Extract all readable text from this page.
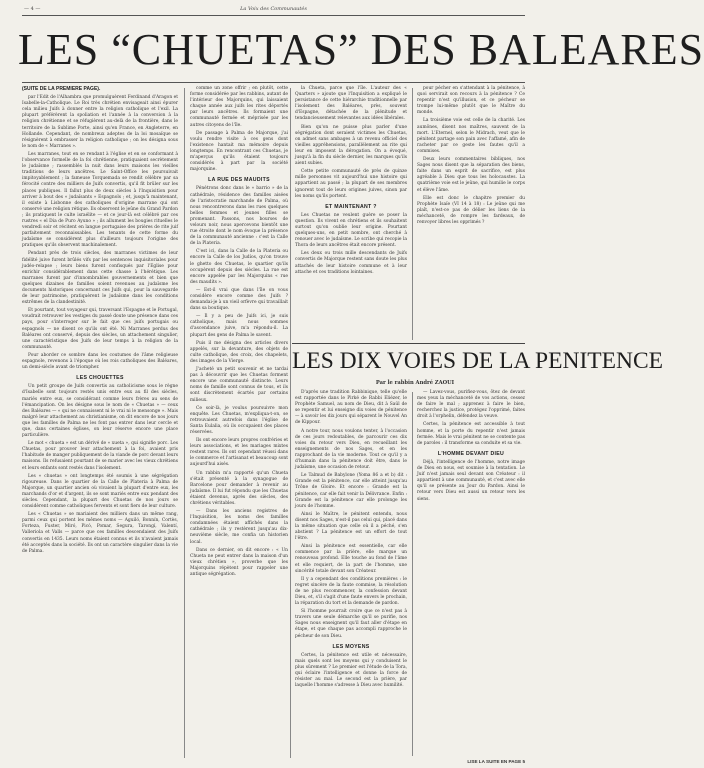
— 4 —	La Voix des Communautés
LES “CHUETAS” DES BALEARES
(SUITE DE LA PREMIERE PAGE).

par l'Edit de l'Alhambra que promulguèrent Ferdinand d'Aragon et Isabelle-la-Catholique. Le Roi très chrétien envisageait ainsi épurer cela milieu Juifs à donner entre la religion catholique et l'exil. La plupart préférèrent la spoliation et l'année à la conversion à la religion chrétienne et se réfugièrent au-delà de la frontière, dans le territoire de la Sublime Porte, ainsi qu'en France, en Angleterre, en Hollande. Cependant, de nombreux adeptes de la loi mosaïque se résignèrent à embrasser la religion catholique ; on les désigna sous le nom de « Marranes ».

Les marranes, tout en se rendant à l'église et en se conformant à l'observance formelle de la foi chrétienne, pratiquaient secrètement le judaïsme ; rassemblés la nuit dans leurs maisons les vieilles traditions de leurs ancêtres. Le Saint-Office les poursuivait impitoyablement ; la fameuse Torquemada se rendit célèbre par sa férocité contre des milliers de Juifs convertis, qu'il fit brûler sur les places publiques. Il fallut plus de deux siècles à l'Inquisition pour arriver à bout des « judaïsants » Espagnols ; et, jusqu'à maintenant, il existe à Lisbonne des catholiques d'origine marrane qui ont conservé une religion rétique. Ils observent le jeûne du Grand Pardon ; ils pratiquent le culte israélite — et ce jour-là est célébré par ces rustres « el Dia de Puro Ayuno » ; ils allument les bougies rituelles le vendredi soir et récitent en langue portugaise des prières de rite juif parfaitement reconnaissables. Les tenants de cette forme du judaïsme se considèrent plus d'ailleurs toujours l'origine des pratiques qu'ils observent machinalement.

Pendant près de trois siècles, des marranes victimes de leur fidélité juive furent brûlés vifs par les sentences inquisitoriales pour judéo-relapse ; leurs biens furent confisqués par l'Eglise pour enrichir considérablement dans cette chasse à l'hérétique. Les marranes furent par d'innombrables gouvernements et bien que quelques dizaines de familles soient revenues au judaïsme les documents historiques concernant ces Juifs qui, pour la sauvegarde de leur patrimoine, pratiquèrent le judaïsme dans les conditions extrêmes de la clandestinité.

Et pourtant, tout voyageur qui, traversant l'Espagne et le Portugal, voudrait retrouver les vestiges du passé doute une présence dans ces pays, pour s'interroger sur le fait que ces juifs portugais ou espagnols — ne disent ce qu'ils ont été. Ni Marranes perdus des Baléares ont conservé, depuis des siècles, un attachement singulier, une caractéristique des Juifs de leur temps à la religion de la communauté.

Pour aborder ce sombre dans les coutumes de l'âme religieuse espagnole, revenons à l'époque où les rois catholiques des Baléares, un demi-siècle avant de triompher.

LES CHOUETTES

Un petit groupe de Juifs convertis au catholicisme sous le règne d'Isabelle sont toujours restés unis entre eux au fil des siècles, mariés entre eux, se considérant comme leurs frères au sens de l'émancipation. On les désigne sous le nom de « Chuetas » — ceux des Baléares — « qui ne connaissent ni le vrai ni le mensonge ». Mais malgré leur attachement au christianisme, on dit encore de nos jours que les familles de Palma ne les font pas entrer dans leur cercle et que, dans certaines églises, on leur réserve encore une place particulière.

Le mot « chueta » est un dérivé de « xueta », qui signifie porc. Les Chuetas, pour prouver leur attachement à la foi, avaient pris l'habitude de manger publiquement de la viande de porc devant leurs maisons. Ils refusaient pourtant de se marier avec les vieux chrétiens et leurs enfants sont restés dans l'isolement.

Les « chuetas » ont longtemps été soumis à une ségrégation rigoureuse. Dans le quartier de la Calle de Plateria à Palma de Majorque, un quartier ancien où vivaient la plupart d'entre eux, les marchands d'or et d'argent, ils se sont mariés entre eux pendant des siècles. Cependant, la plupart des Chuetas de nos jours se considèrent comme catholiques fervents et sont fiers de leur culture.

Les « Chuetas » se mariaient des milliers dans un même rang, parmi ceux qui portent les mêmes noms — Aguiló, Bonnín, Cortès, Forteza, Fuster, Miró, Picó, Pomar, Segura, Tarongí, Valentí, Valleriola et Valls — parce que ces familles descendaient des Juifs convertis en 1435. Leurs noms étaient connus et ils n'avaient jamais été acceptés dans la société. Ils ont un caractère singulier dans la vie de Palma.

comme un zone offrir ; en plutôt, cette forme considérée par les rabbins, autant de l'intérieur des Majorquins, qui laissaient chaque année aux juifs les rites déportés par leurs ancêtres. Ils formaient une communauté fermée et méprisée par les autres citoyens de l'île.

De passage à Palma de Majorque, j'ai voulu rendre visite à ces gens dont l'existence hantait ma mémoire depuis longtemps. En rencontrant ces Chuetas, je m'aperçus qu'ils étaient toujours considérés à part par la société majorquine.

LA RUE DES MAUDITS

Pénétrons donc dans le « barrio » de la cathédrale, résidence des familles aisées de l'aristocratie marchande de Palma, où nous rencontrerons dans les rues quelques belles femmes et jeunes filles se promenant. Passons, nos bourses de velours noir, nous apercevons bientôt une rue étroite dont le nom évoque la présence de la communauté ancienne : c'est la Calle de la Plateria.

C'est ici, dans la Calle de la Plateria ou encore la Calle de los Judíos, qu'on trouve le ghetto des Chuetas, le quartier qu'ils occupèrent depuis des siècles. La rue est encore appelée par les Majorquins « rue des maudits ».

— Est-il vrai que dans l'île on vous considère encore comme des Juifs ? demandai-je à un vieil orfèvre qui travaillait dans sa boutique.

— Il y a peu de Juifs ici, je suis catholique, mais nous sommes d'ascendance juive, m'a répondu-il. La plupart des gens de Palma le savent.

Puis il me désigna des articles divers appelés, sur la devanture, des objets de culte catholique, des croix, des chapelets, des images de la Vierge.

J'acheté un petit souvenir et ne tardai pas à découvrir que les Chuetas forment encore une communauté distincte. Leurs noms de famille sont connus de tous, et ils sont discrètement écartés par certains milieux.

Ce soir-là, je voulus poursuivre mon enquête. Les Chuetas, m'expliqua-t-on, se retrouvaient autrefois dans l'église de Santa Eulalia, où ils occupaient des places réservées.

Ils ont encore leurs propres confréries et leurs associations, et les mariages mixtes restent rares. Ils ont cependant réussi dans le commerce et l'artisanat et beaucoup sont aujourd'hui aisés.

Un rabbin m'a rapporté qu'un Chueta s'était présenté à la synagogue de Barcelone pour demander à revenir au judaïsme. Il lui fut répondu que les Chuetas étaient devenus, après des siècles, des chrétiens véritables.

— Dans les anciens registres de l'Inquisition, les noms des familles condamnées étaient affichés dans la cathédrale ; ils y restèrent jusqu'au dix-neuvième siècle, me confia un historien local.

Dans ce dernier, on dit encore : « Un Chueta ne peut entrer dans la maison d'un vieux chrétien », proverbe que les Majorquins répètent pour rappeler une antique ségrégation.

la Chueta, parce que l'île. L'auteur des « Quarters » ajoute que l'Inquisition a expliqué le persistance de cette hiérarchie traditionnelle par l'isolement des Baléares, près, souvent d'Espagne, détachée de la plénitude et tendancieusement relevantes aux idées libérales.

Bien qu'on ne puisse plus parler d'une ségrégation dont seraient victimes les Chuetas, on admet sans ambages à un revenu officiel des vieilles appréhensions, parallèlement au rite qui leur en imposent la dérogation. On a évoqué, jusqu'à la fin du siècle dernier, les marques qu'ils aient subies.

Cette petite communauté de près de quinze mille personnes vit aujourd'hui une histoire qui appartient au passé ; la plupart de ses membres ignorent tout de leurs origines juives, sinon par les noms qu'ils portent.

ET MAINTENANT ?

Les Chuetas ne veulent guère se poser la question. Ils vivent en chrétiens et ils souhaitent surtout qu'on oublie leur origine. Pourtant quelques-uns, en petit nombre, ont cherché à renouer avec le judaïsme. Le scribe qui recopie la Thora de leurs ancêtres était encore présent.

Les deux ou trois mille descendants de Juifs convertis de Majorque restent sans doute les plus attachés de leur histoire commune et à leur attache et ces traditions lointaines.

pour pécher en s'attendant à la pénitence, à quoi servirait son recours à la pénitence ? Ce repentir n'est qu'illusion, et ce pécheur se trompe lui-même plutôt que le Maître du monde.

La troisième voie est celle de la charité. Les aumônes, disent nos maîtres, sauvent de la mort. L'Eternel, selon le Midrach, veut que le pénitent partage son pain avec l'affamé, afin de racheter par ce geste les fautes qu'il a commises.

Deux leurs commentaires bibliques, nos Sages nous disent que la séparation des biens, faite dans un esprit de sacrifice, est plus agréable à Dieu que tous les holocaustes. La quatrième voie est le jeûne, qui humilie le corps et élève l'âme.

Elle est donc le chapitre premier du Prophète Isaïe (VI 14 à 18) : Le jeûne qui me plaît, n'est-ce pas de délier les liens de la méchanceté, de rompre les fardeaux, de renvoyer libres les opprimés ?

LES DIX VOIES DE LA PENITENCE
Par le rabbin André ZAOUI

D'après une tradition Rabbinique, telle qu'elle est rapportée dans le Pirké de Rabbi Eliézer, le Prophète Samuel, au nom de Dieu, dit à Saül de se repentir et lui enseigne dix voies de pénitence — à savoir les dix jours qui séparent le Nouvel An de Kippour.

A notre tour, nous voulons tenter, à l'occasion de ces jours redoutables, de parcourir ces dix voies du retour vers Dieu, en recueillant les enseignements de nos Sages, et en les rapprochant de la vie moderne. Tout ce qu'il y a d'humain dans la pénitence doit être, dans le judaïsme, une occasion de retour.

Le Talmud de Babylone (Yoma 86 a et b) dit : Grande est la pénitence, car elle atteint jusqu'au Trône de Gloire. Et encore : Grande est la pénitence, car elle fait venir la Délivrance. Enfin : Grande est la pénitence car elle prolonge les jours de l'homme.

Ainsi le Maître, le pénitent entendu, nous disent nos Sages, n'est-il pas celui qui, placé dans la même situation que celle où il a péché, s'en abstient ? La pénitence est un effort de tout l'être.

Ainsi la pénitence est essentielle, car elle commence par la prière, elle marque un renouveau profond. Elle touche au fond de l'âme et elle requiert, de la part de l'homme, une sincérité totale devant son Créateur.

Il y a cependant des conditions premières : le regret sincère de la faute commise, la résolution de ne plus recommencer, la confession devant Dieu, et, s'il s'agit d'une faute envers le prochain, la réparation du tort et la demande de pardon.

Si l'homme pourrait croire que ce n'est pas à travers une seule démarche qu'il se purifie, nos Sages nous enseignent qu'il faut aller d'étape en étape, et que chaque pas accompli rapproche le pécheur de son Dieu.

LES MOYENS

Certes, la pénitence est utile et nécessaire, mais quels sont les moyens qui y conduisent le plus sûrement ? Le premier est l'étude de la Tora, qui éclaire l'intelligence et donne la force de résister au mal. Le second est la prière, par laquelle l'homme s'adresse à Dieu avec humilité.

— Lavez-vous, purifiez-vous, ôtez de devant mes yeux la méchanceté de vos actions, cessez de faire le mal ; apprenez à faire le bien, recherchez la justice, protégez l'opprimé, faites droit à l'orphelin, défendez la veuve.

Certes, la pénitence est accessible à tout homme, et la porte du repentir n'est jamais fermée. Mais le vrai pénitent ne se contente pas de paroles : il transforme sa conduite et sa vie.

L'HOMME DEVANT DIEU

Déjà, l'intelligence de l'homme, notre image de Dieu en nous, est soumise à la tentation. Le Juif n'est jamais seul devant son Créateur : il appartient à une communauté, et c'est avec elle qu'il se présente au Jour du Pardon. Ainsi le retour vers Dieu est aussi un retour vers les siens.

LISE LA SUITE EN PAGE 5
